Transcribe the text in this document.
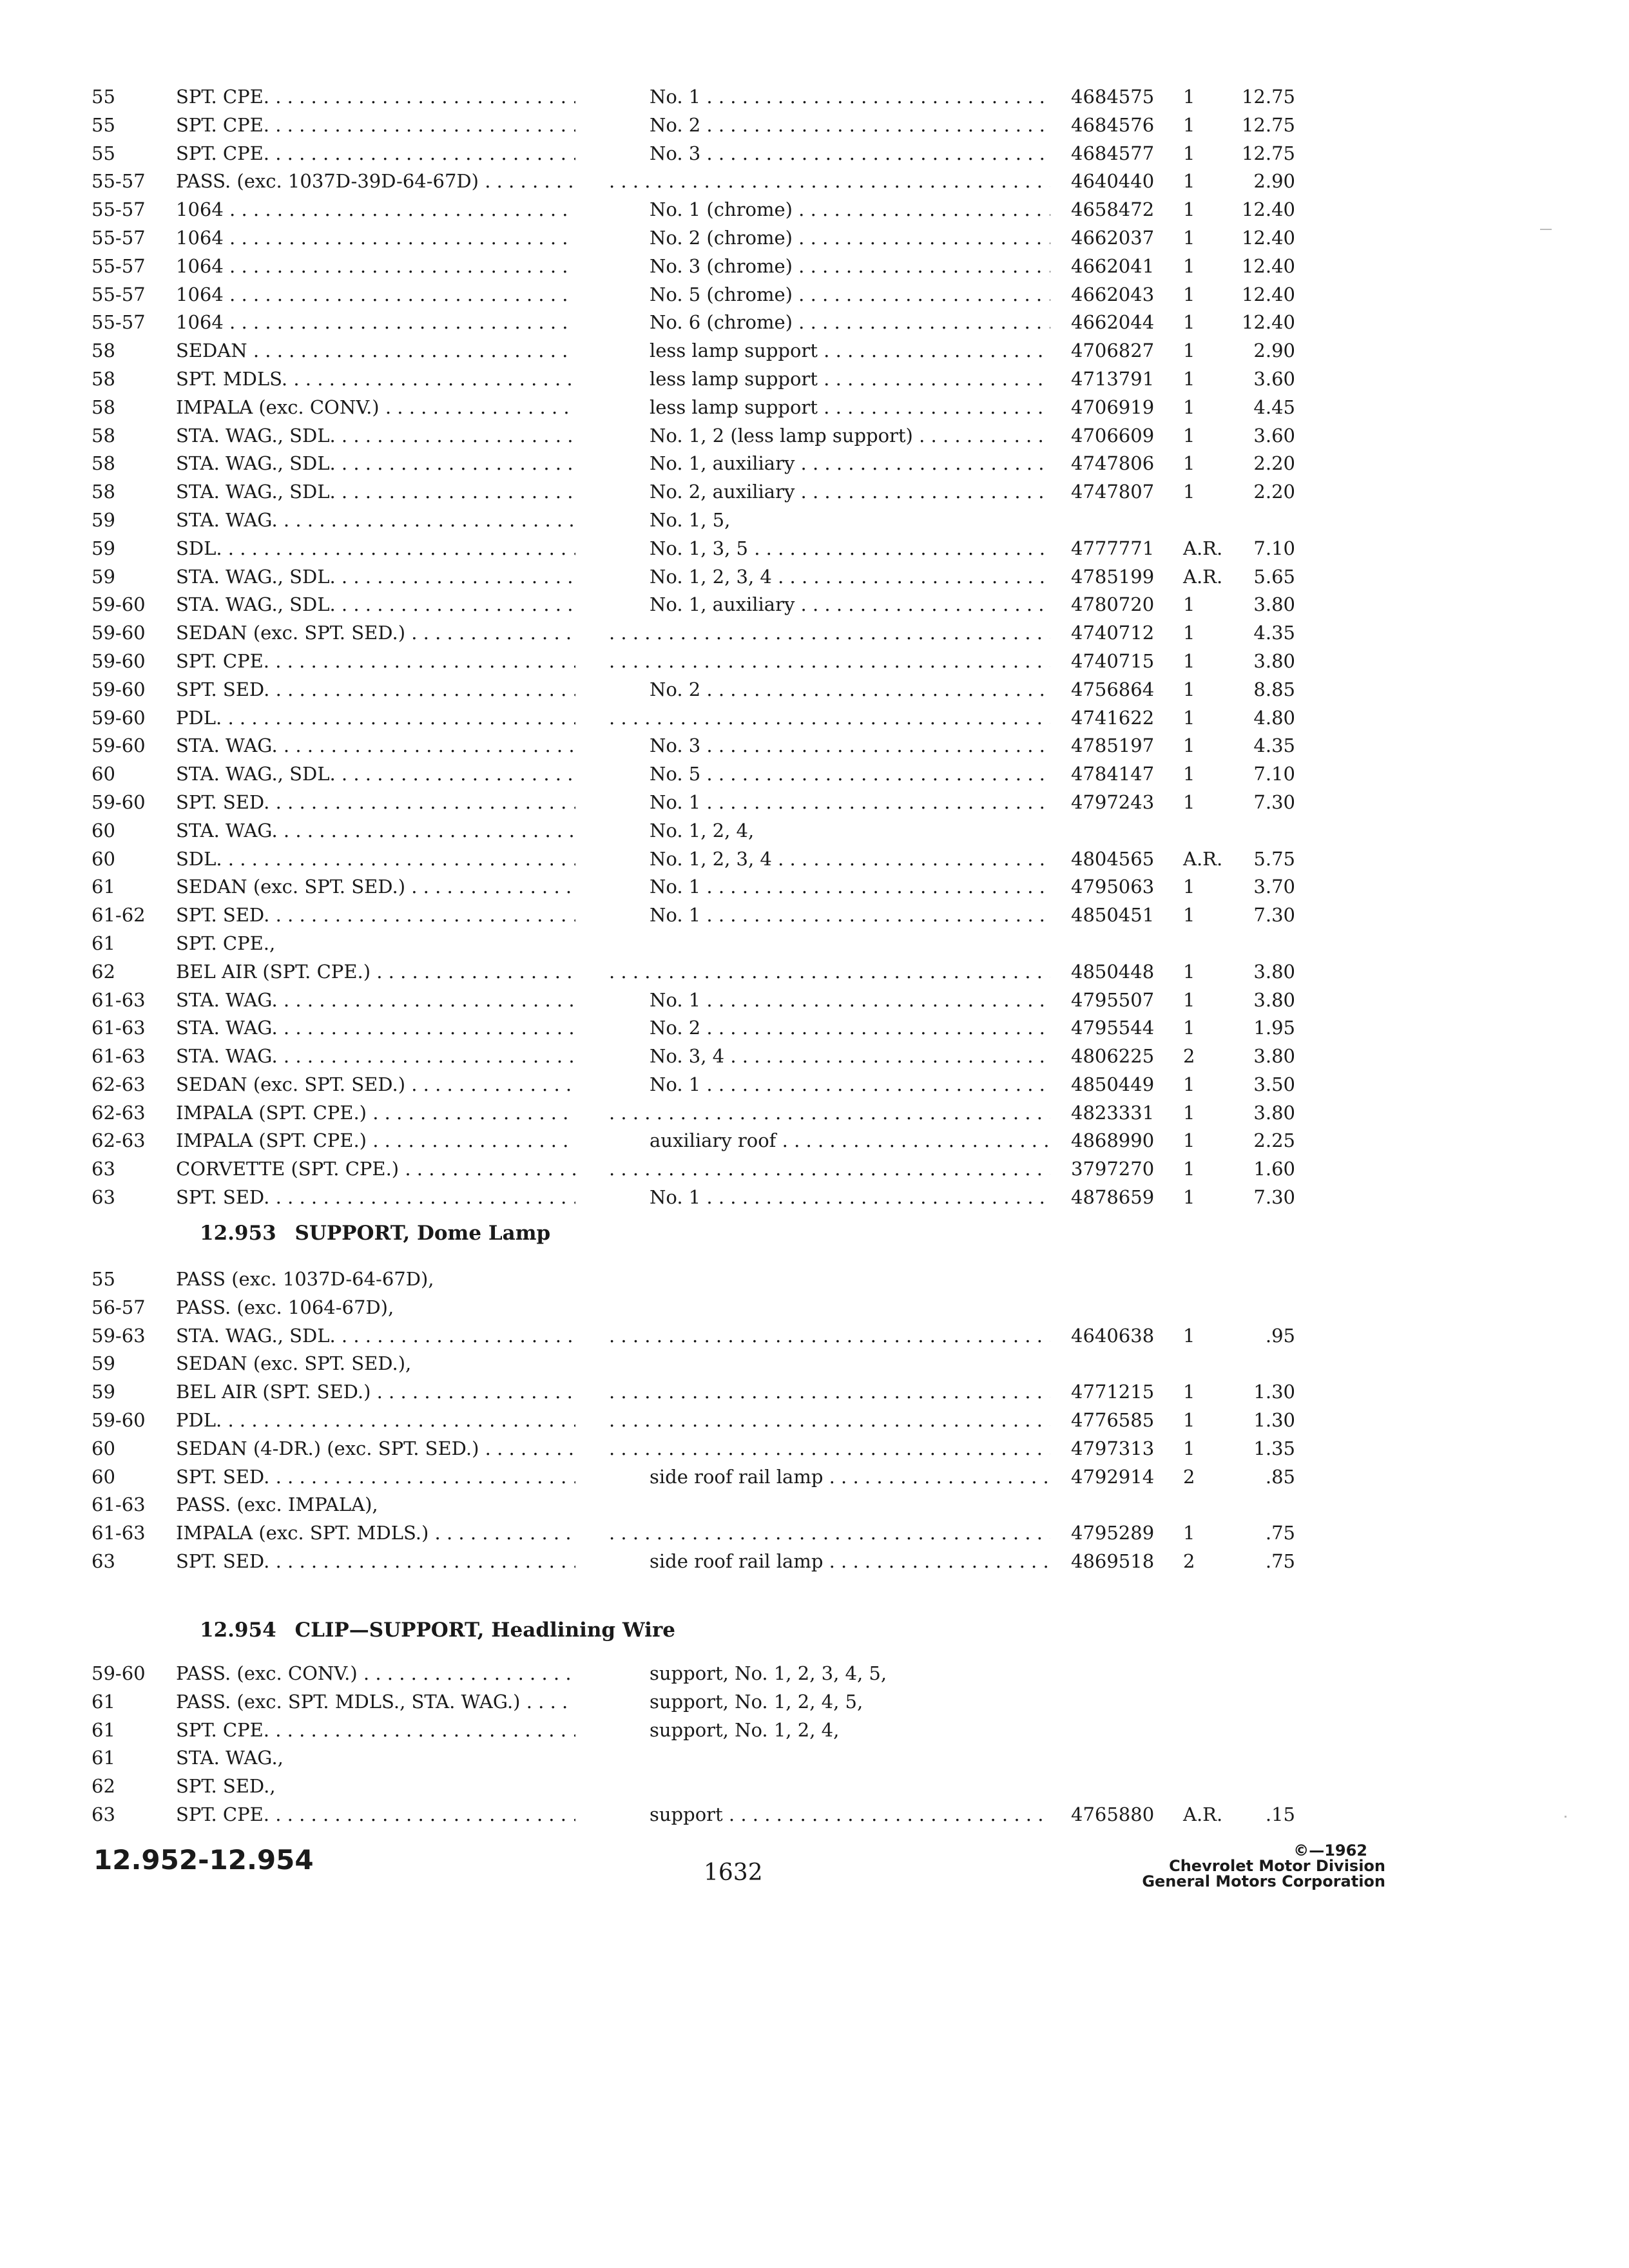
55	SPT. CPE. . . .	No. 1 . . .	4684575 1	12.75
55	SPT. CPE. . . .	No. 2 . . .	4684576 1	12.75
55	SPT. CPE. . . .	No. 3 . . .	4684577 1	12.75
55-57 PASS. (exc. 1037D-39D-64-67D) . . . . . .	4640440 1	2.90
55-57 1064 . . .	No. 1 (chrome) . . .	4658472 1	12.40
55-57 1064 . . .	No. 2 (chrome) . . .	4662037 1	12.40
55-57 1064 . . .	No. 3 (chrome) . . .	4662041 1	12.40
55-57 1064 . . .	No. 5 (chrome) . . .	4662043 1	12.40
55-57 1064 . . .	No. 6 (chrome) . . .	4662044 1	12.40
58	SEDAN . . .	less lamp support . . .	4706827 1	2.90
58	SPT. MDLS. . . .	less lamp support . . .	4713791 1	3.60
58	IMPALA (exc. CONV.) . . .	less lamp support . . .	4706919 1	4.45
58	STA. WAG., SDL. . . .	No. 1, 2 (less lamp support) . . .	4706609 1	3.60
58	STA. WAG., SDL. . . .	No. 1, auxiliary . . .	4747806 1	2.20
58	STA. WAG., SDL. . . .	No. 2, auxiliary . . .	4747807 1	2.20
59	STA. WAG. . . .	No. 1, 5,
59	SDL. . . .	No. 1, 3, 5 . . .	4777771 A.R.	7.10
59	STA. WAG., SDL. . . .	No. 1, 2, 3, 4 . . .	4785199 A.R.	5.65
59-60 STA. WAG., SDL. . . .	No. 1, auxiliary . . .	4780720 1	3.80
59-60 SEDAN (exc. SPT. SED.) . . . . . .	4740712 1	4.35
59-60 SPT. CPE. . . . . . .	4740715 1	3.80
59-60 SPT. SED. . . .	No. 2 . . .	4756864 1	8.85
59-60 PDL. . . . . . .	4741622 1	4.80
59-60 STA. WAG. . . .	No. 3 . . .	4785197 1	4.35
60	STA. WAG., SDL. . . .	No. 5 . . .	4784147 1	7.10
59-60 SPT. SED. . . .	No. 1 . . .	4797243 1	7.30
60	STA. WAG. . . .	No. 1, 2, 4,
60	SDL. . . .	No. 1, 2, 3, 4 . . .	4804565 A.R.	5.75
61	SEDAN (exc. SPT. SED.) . . .	No. 1 . . .	4795063 1	3.70
61-62 SPT. SED. . . .	No. 1 . . .	4850451 1	7.30
61	SPT. CPE.,
62	BEL AIR (SPT. CPE.) . . . . . .	4850448 1	3.80
61-63 STA. WAG. . . .	No. 1 . . .	4795507 1	3.80
61-63 STA. WAG. . . .	No. 2 . . .	4795544 1	1.95
61-63 STA. WAG. . . .	No. 3, 4 . . .	4806225 2	3.80
62-63 SEDAN (exc. SPT. SED.) . . .	No. 1 . . .	4850449 1	3.50
62-63 IMPALA (SPT. CPE.) . . . . . .	4823331 1	3.80
62-63 IMPALA (SPT. CPE.) . . .	auxiliary roof . . .	4868990 1	2.25
63	CORVETTE (SPT. CPE.) . . . . . .	3797270 1	1.60
63	SPT. SED. . . .	No. 1 . . .	4878659 1	7.30
12.953 SUPPORT, Dome Lamp
55	PASS (exc. 1037D-64-67D),
56-57 PASS. (exc. 1064-67D),
59-63 STA. WAG., SDL. . . . . . .	4640638 1	.95
59	SEDAN (exc. SPT. SED.),
59	BEL AIR (SPT. SED.) . . . . . .	4771215 1	1.30
59-60 PDL. . . . . . .	4776585 1	1.30
60	SEDAN (4-DR.) (exc. SPT. SED.) . . . . . .	4797313 1	1.35
60	SPT. SED. . . .	side roof rail lamp . . .	4792914 2	.85
61-63 PASS. (exc. IMPALA),
61-63 IMPALA (exc. SPT. MDLS.) . . . . . .	4795289 1	.75
63	SPT. SED. . . .	side roof rail lamp . . .	4869518 2	.75
12.954 CLIP—SUPPORT, Headlining Wire
59-60 PASS. (exc. CONV.) . . .	support, No. 1, 2, 3, 4, 5,
61	PASS. (exc. SPT. MDLS., STA. WAG.) . . .	support, No. 1, 2, 4, 5,
61	SPT. CPE. . . .	support, No. 1, 2, 4,
61	STA. WAG.,
62	SPT. SED.,
63	SPT. CPE. . . .	support . . .	4765880 A.R.	.15
12.952-12.954	1632
©—1962
Chevrolet Motor Division
General Motors Corporation
